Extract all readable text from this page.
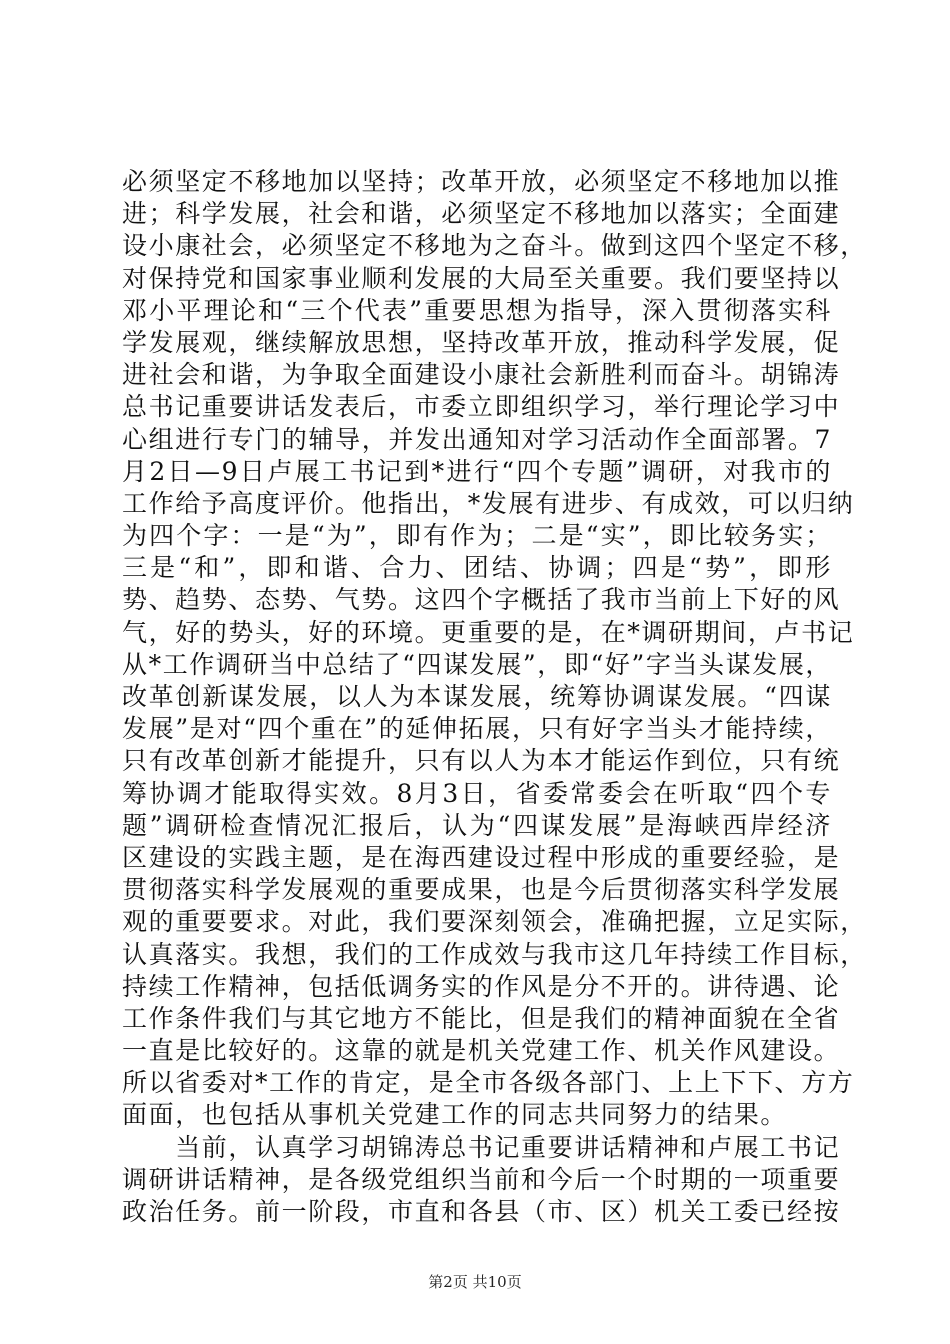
必须坚定不移地加以坚持；改革开放，必须坚定不移地加以推

进；科学发展，社会和谐，必须坚定不移地加以落实；全面建

设小康社会，必须坚定不移地为之奋斗。做到这四个坚定不移，

对保持党和国家事业顺利发展的大局至关重要。我们要坚持以

邓小平理论和“三个代表”重要思想为指导，深入贯彻落实科

学发展观，继续解放思想，坚持改革开放，推动科学发展，促

进社会和谐，为争取全面建设小康社会新胜利而奋斗。胡锦涛

总书记重要讲话发表后，市委立即组织学习，举行理论学习中

心组进行专门的辅导，并发出通知对学习活动作全面部署。7

月2日—9日卢展工书记到*进行“四个专题”调研，对我市的

工作给予高度评价。他指出，*发展有进步、有成效，可以归纳

为四个字：一是“为”，即有作为；二是“实”，即比较务实；

三是“和”，即和谐、合力、团结、协调；四是“势”，即形

势、趋势、态势、气势。这四个字概括了我市当前上下好的风

气，好的势头，好的环境。更重要的是，在*调研期间，卢书记

从*工作调研当中总结了“四谋发展”，即“好”字当头谋发展，

改革创新谋发展，以人为本谋发展，统筹协调谋发展。“四谋

发展”是对“四个重在”的延伸拓展，只有好字当头才能持续，

只有改革创新才能提升，只有以人为本才能运作到位，只有统

筹协调才能取得实效。8月3日，省委常委会在听取“四个专

题”调研检查情况汇报后，认为“四谋发展”是海峡西岸经济

区建设的实践主题，是在海西建设过程中形成的重要经验，是

贯彻落实科学发展观的重要成果，也是今后贯彻落实科学发展

观的重要要求。对此，我们要深刻领会，准确把握，立足实际，

认真落实。我想，我们的工作成效与我市这几年持续工作目标，

持续工作精神，包括低调务实的作风是分不开的。讲待遇、论

工作条件我们与其它地方不能比，但是我们的精神面貌在全省

一直是比较好的。这靠的就是机关党建工作、机关作风建设。

所以省委对*工作的肯定，是全市各级各部门、上上下下、方方

面面，也包括从事机关党建工作的同志共同努力的结果。

　　当前，认真学习胡锦涛总书记重要讲话精神和卢展工书记

调研讲话精神，是各级党组织当前和今后一个时期的一项重要

政治任务。前一阶段，市直和各县（市、区）机关工委已经按

第2页 共10页
